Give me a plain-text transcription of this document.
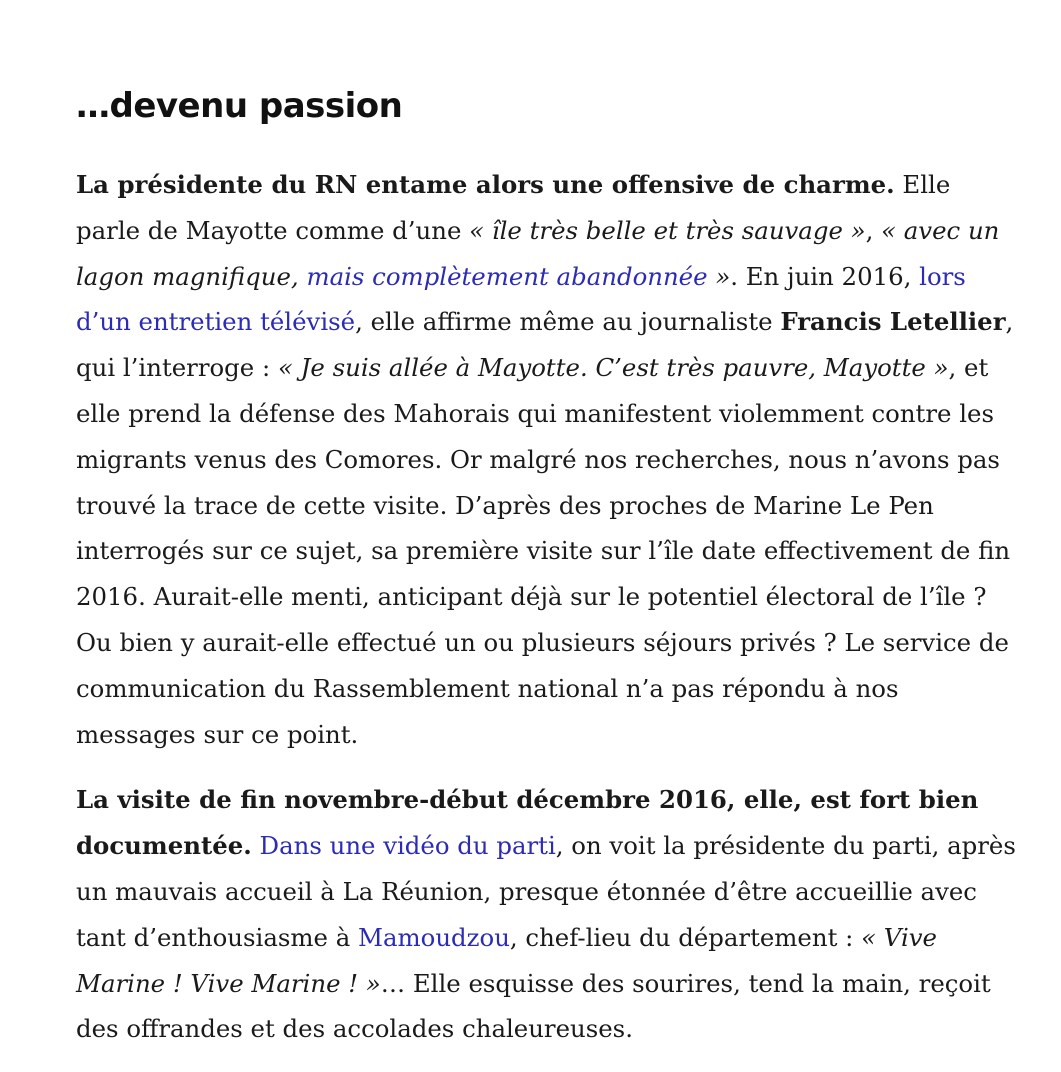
…devenu passion

La présidente du RN entame alors une offensive de charme. Elle parle de Mayotte comme d’une « île très belle et très sauvage », « avec un lagon magnifique, mais complètement abandonnée ». En juin 2016, lors d’un entretien télévisé, elle affirme même au journaliste Francis Letellier, qui l’interroge : « Je suis allée à Mayotte. C’est très pauvre, Mayotte », et elle prend la défense des Mahorais qui manifestent violemment contre les migrants venus des Comores. Or malgré nos recherches, nous n’avons pas trouvé la trace de cette visite. D’après des proches de Marine Le Pen interrogés sur ce sujet, sa première visite sur l’île date effectivement de fin 2016. Aurait-elle menti, anticipant déjà sur le potentiel électoral de l’île ? Ou bien y aurait-elle effectué un ou plusieurs séjours privés ? Le service de communication du Rassemblement national n’a pas répondu à nos messages sur ce point.

La visite de fin novembre-début décembre 2016, elle, est fort bien documentée. Dans une vidéo du parti, on voit la présidente du parti, après un mauvais accueil à La Réunion, presque étonnée d’être accueillie avec tant d’enthousiasme à Mamoudzou, chef-lieu du département : « Vive Marine ! Vive Marine ! »… Elle esquisse des sourires, tend la main, reçoit des offrandes et des accolades chaleureuses.
